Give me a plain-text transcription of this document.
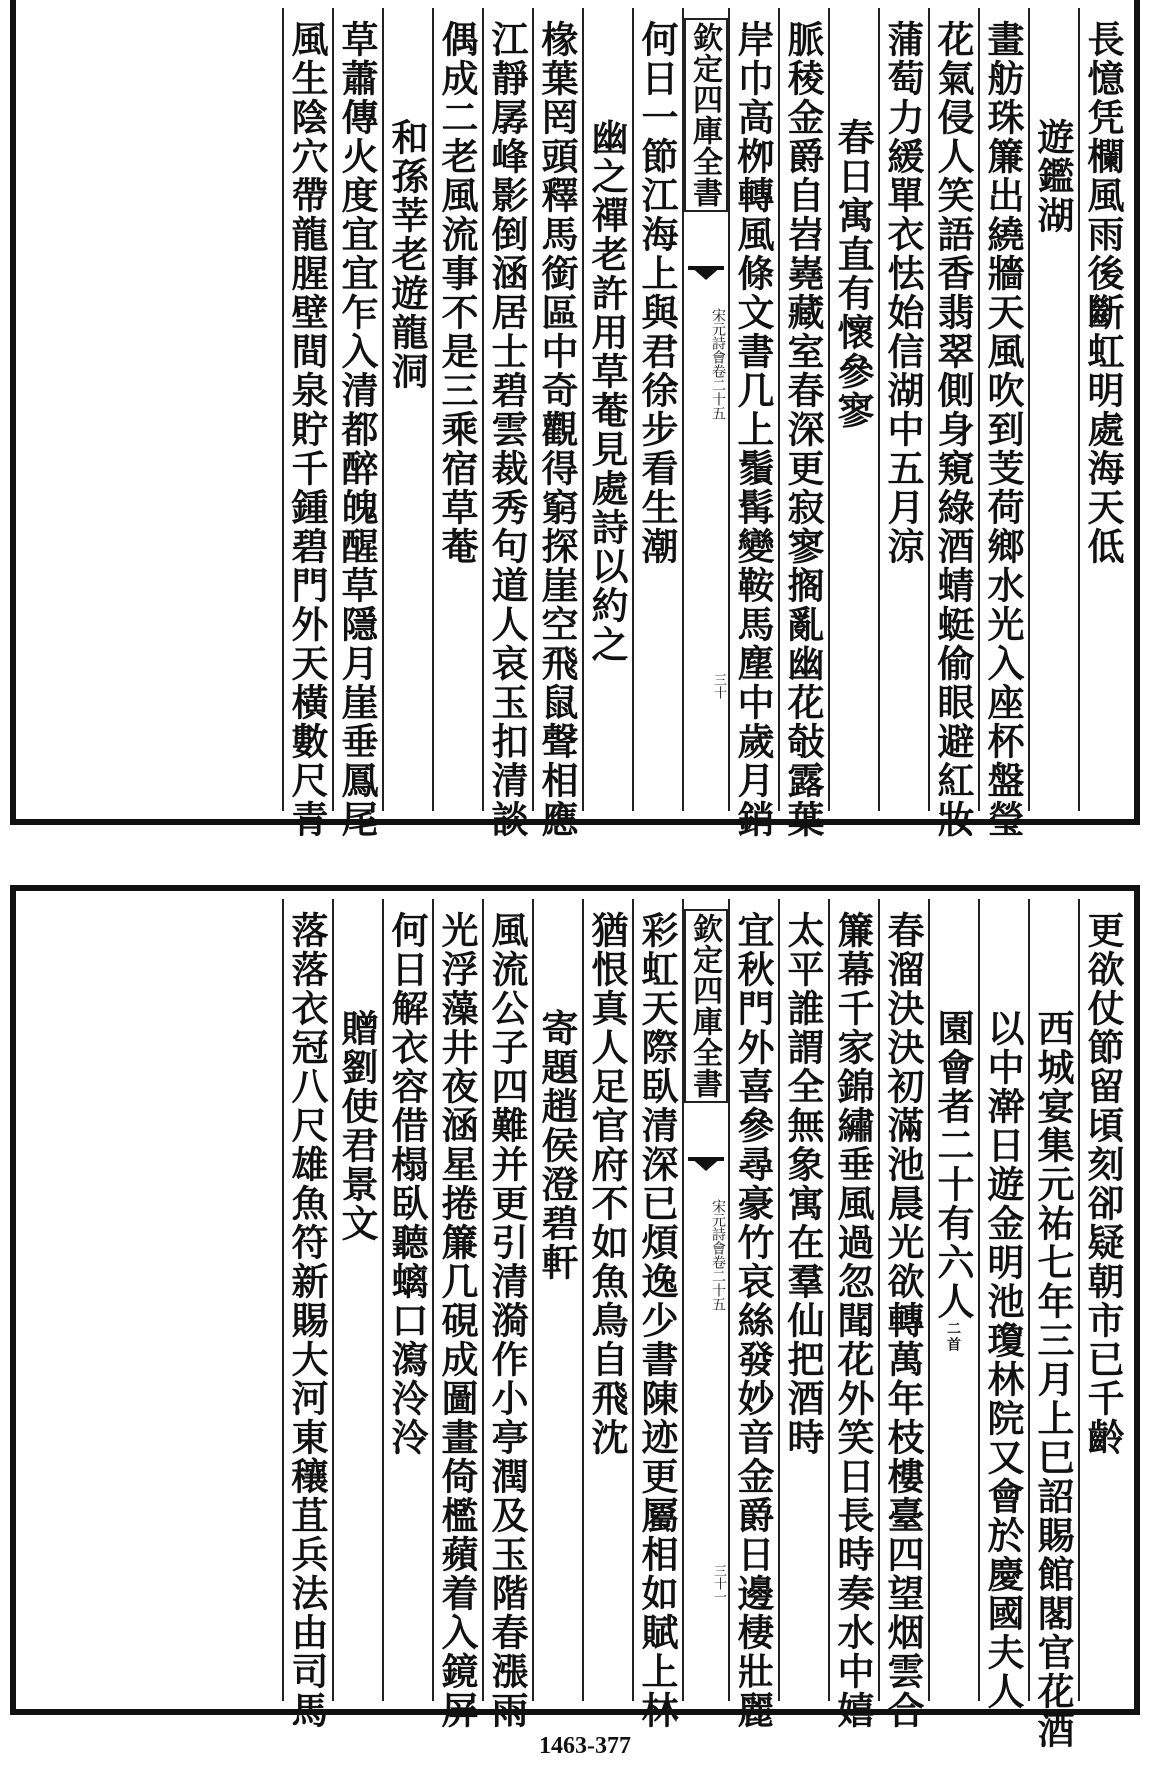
長憶凭欄風雨後斷虹明處海天低
遊鑑湖
畫舫珠簾出繞牆天風吹到芰荷鄉水光入座杯盤瑩
花氣侵人笑語香翡翠側身窺綠酒蜻蜓偷眼避紅妝
蒲萄力緩單衣怯始信湖中五月涼
春日寓直有懷參寥
脈稜金爵自岧嶤藏室春深更寂寥搁亂幽花敧露葉
岸巾高栁轉風條文書几上鬚髯變鞍馬塵中歲月銷
欽定四庫全書
宋元詩會
卷二十五
三十
何日一節江海上與君徐步看生潮
幽之禪老許用草菴見處詩以約之
椽葉罔頭釋馬銜區中奇觀得窮探崖空飛鼠聲相應
江靜孱峰影倒涵居士碧雲裁秀句道人哀玉扣清談
偶成二老風流事不是三乘宿草菴
和孫莘老遊龍洞
草蕭傳火度宜宜乍入清都醉魄醒草隱月崖垂鳳尾
風生陰穴帶龍腥壁間泉貯千鍾碧門外天橫數尺青
更欲仗節留頃刻卻疑朝市已千齡
西城宴集元祐七年三月上巳詔賜館閣官花酒
以中澣日遊金明池瓊林院又會於慶國夫人
園會者二十有六人二首
春溜決決初滿池晨光欲轉萬年枝樓臺四望烟雲合
簾幕千家錦繡垂風過忽聞花外笑日長時奏水中嬉
太平誰謂全無象寓在羣仙把酒時
宜秋門外喜參尋豪竹哀絲發妙音金爵日邊棲壯麗
欽定四庫全書
宋元詩會
卷二十五
三十一
彩虹天際臥清深已煩逸少書陳迹更屬相如賦上林
猶恨真人足官府不如魚鳥自飛沈
寄題趙侯澄碧軒
風流公子四難并更引清漪作小亭潤及玉階春漲雨
光浮藻井夜涵星捲簾几硯成圖畫倚檻蘋着入鏡屏
何日解衣容借榻臥聽螭口瀉泠泠
贈劉使君景文
落落衣冠八尺雄魚符新賜大河東穰苴兵法由司馬
1463-377
